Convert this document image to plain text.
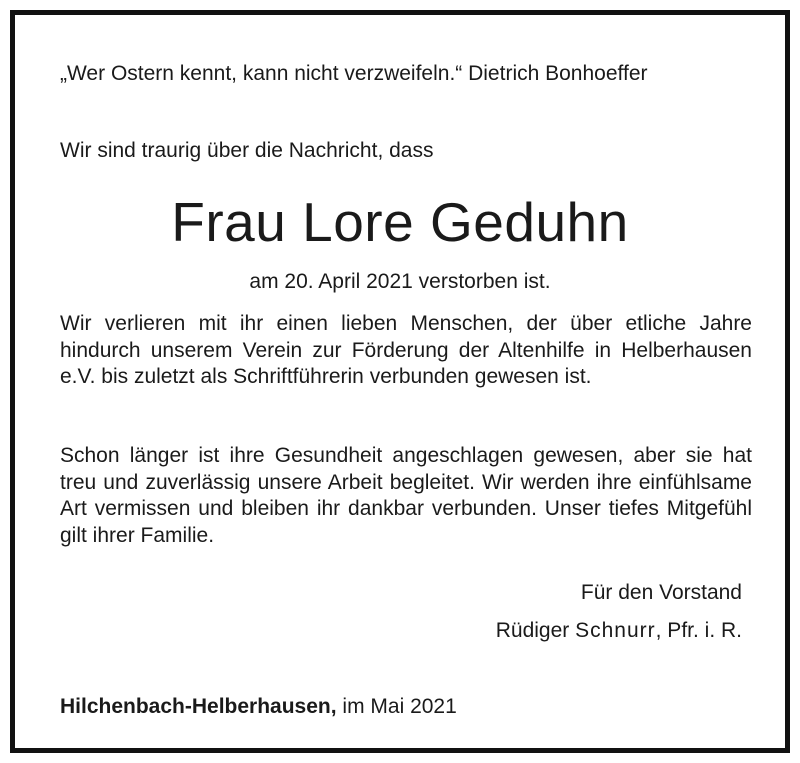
„Wer Ostern kennt, kann nicht verzweifeln.“ Dietrich Bonhoeffer
Wir sind traurig über die Nachricht, dass
Frau Lore Geduhn
am 20. April 2021 verstorben ist.
Wir verlieren mit ihr einen lieben Menschen, der über etliche Jahre hindurch unserem Verein zur Förderung der Altenhilfe in Helberhausen e.V. bis zuletzt als Schriftführerin verbunden gewesen ist.
Schon länger ist ihre Gesundheit angeschlagen gewesen, aber sie hat treu und zuverlässig unsere Arbeit begleitet. Wir werden ihre einfühlsame Art vermissen und bleiben ihr dankbar verbunden. Unser tiefes Mitgefühl gilt ihrer Familie.
Für den Vorstand
Rüdiger Schnurr, Pfr. i. R.
Hilchenbach-Helberhausen, im Mai 2021
